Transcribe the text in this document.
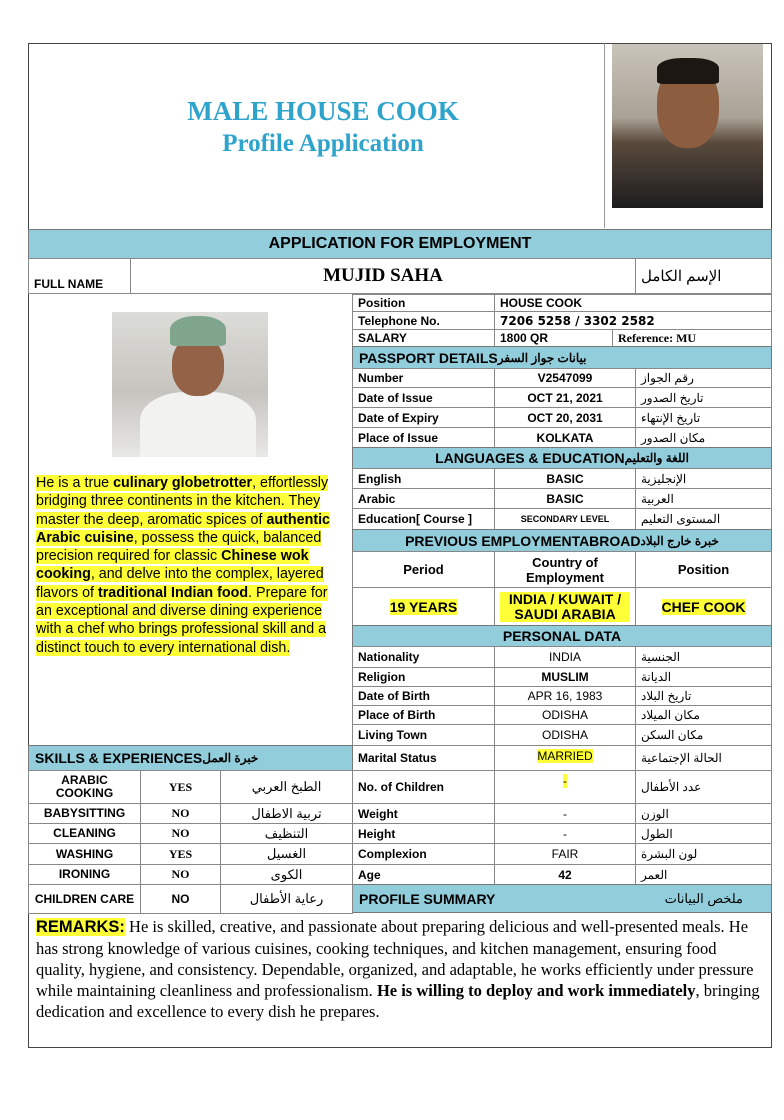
MALE HOUSE COOK
Profile Application
APPLICATION FOR EMPLOYMENT
FULL NAME	MUJID SAHA	الإسم الكامل
He is a true culinary globetrotter, effortlessly bridging three continents in the kitchen. They master the deep, aromatic spices of authentic Arabic cuisine, possess the quick, balanced precision required for classic Chinese wok cooking, and delve into the complex, layered flavors of traditional Indian food. Prepare for an exceptional and diverse dining experience with a chef who brings professional skill and a distinct touch to every international dish.
Position	HOUSE COOK
Telephone No.	7206 5258 / 3302 2582
SALARY	1800 QR	Reference: MU
PASSPORT DETAILS بيانات جواز السفر
Number	V2547099	رقم الجواز
Date of Issue	OCT 21, 2021	تاريخ الصدور
Date of Expiry	OCT 20, 2031	تاريخ الإنتهاء
Place of Issue	KOLKATA	مكان الصدور
LANGUAGES & EDUCATION اللغة والتعليم
English	BASIC	الإنجليزية
Arabic	BASIC	العربية
Education[ Course ]	SECONDARY LEVEL	المستوى التعليم
PREVIOUS EMPLOYMENTABROAD خبرة خارج البلاد
Period	Country of Employment	Position
19 YEARS	INDIA / KUWAIT / SAUDI ARABIA	CHEF COOK
PERSONAL DATA
Nationality	INDIA	الجنسية
Religion	MUSLIM	الديانة
Date of Birth	APR 16, 1983	تاريخ البلاد
Place of Birth	ODISHA	مكان الميلاد
Living Town	ODISHA	مكان السكن
Marital Status	MARRIED	الحالة الإجتماعية
No. of Children	-	عدد الأطفال
Weight	-	الوزن
Height	-	الطول
Complexion	FAIR	لون البشرة
Age	42	العمر
PROFILE SUMMARY	ملخص البيانات
SKILLS & EXPERIENCES خبرة العمل
ARABIC COOKING	YES	الطبخ العربي
BABYSITTING	NO	تربية الاطفال
CLEANING	NO	التنظيف
WASHING	YES	الغسيل
IRONING	NO	الكوى
CHILDREN CARE	NO	رعاية الأطفال
REMARKS: He is skilled, creative, and passionate about preparing delicious and well-presented meals. He has strong knowledge of various cuisines, cooking techniques, and kitchen management, ensuring food quality, hygiene, and consistency. Dependable, organized, and adaptable, he works efficiently under pressure while maintaining cleanliness and professionalism. He is willing to deploy and work immediately, bringing dedication and excellence to every dish he prepares.
